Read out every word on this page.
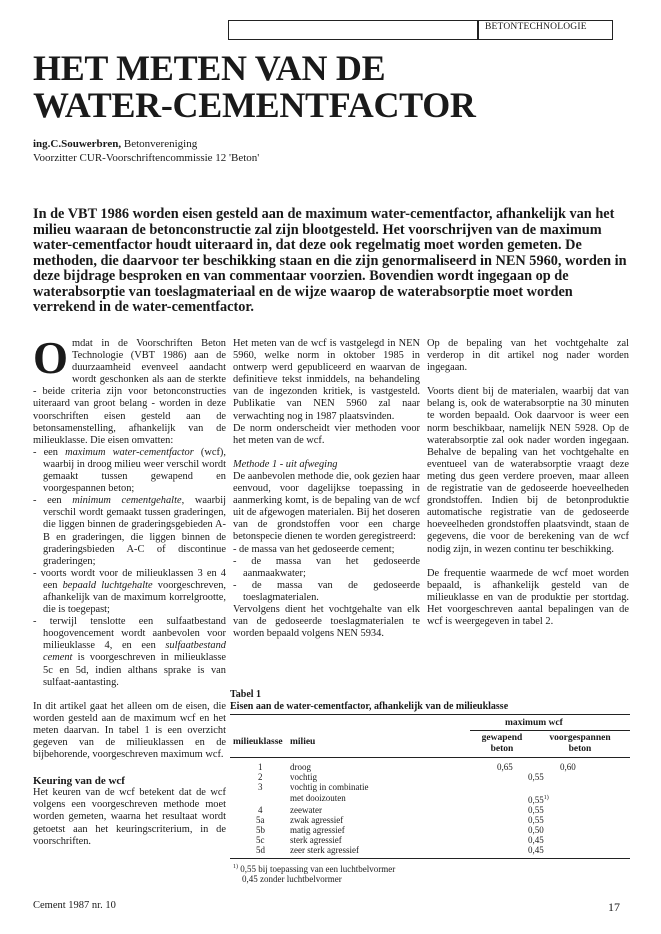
BETONTECHNOLOGIE
HET METEN VAN DE
WATER-CEMENTFACTOR
ing.C.Souwerbren, Betonvereniging
Voorzitter CUR-Voorschriftencommissie 12 'Beton'
In de VBT 1986 worden eisen gesteld aan de maximum water-cementfactor, afhankelijk van het milieu waaraan de betonconstructie zal zijn blootgesteld. Het voorschrijven van de maximum water-cementfactor houdt uiteraard in, dat deze ook regelmatig moet worden gemeten. De methoden, die daarvoor ter beschikking staan en die zijn genormaliseerd in NEN 5960, worden in deze bijdrage besproken en van commentaar voorzien. Bovendien wordt ingegaan op de waterabsorptie van toeslagmateriaal en de wijze waarop de waterabsorptie moet worden verrekend in de water-cementfactor.

Omdat in de Voorschriften Beton Technologie (VBT 1986) aan de duurzaamheid evenveel aandacht wordt geschonken als aan de sterkte - beide criteria zijn voor betonconstructies uiteraard van groot belang - worden in deze voorschriften eisen gesteld aan de betonsamenstelling, afhankelijk van de milieuklasse. Die eisen omvatten:

- een maximum water-cementfactor (wcf), waarbij in droog milieu weer verschil wordt gemaakt tussen gewapend en voorgespannen beton;
- een minimum cementgehalte, waarbij verschil wordt gemaakt tussen graderingen, die liggen binnen de graderingsgebieden A-B en graderingen, die liggen binnen de graderingsbieden A-C of discontinue graderingen;
- voorts wordt voor de milieuklassen 3 en 4 een bepaald luchtgehalte voorgeschreven, afhankelijk van de maximum korrelgrootte, die is toegepast;
- terwijl tenslotte een sulfaatbestand hoogovencement wordt aanbevolen voor milieuklasse 4, en een sulfaatbestand cement is voorgeschreven in milieuklasse 5c en 5d, indien althans sprake is van sulfaat-aantasting.

In dit artikel gaat het alleen om de eisen, die worden gesteld aan de maximum wcf en het meten daarvan. In tabel 1 is een overzicht gegeven van de milieuklassen en de bijbehorende, voorgeschreven maximum wcf.

Keuring van de wcf

Het keuren van de wcf betekent dat de wcf volgens een voorgeschreven methode moet worden gemeten, waarna het resultaat wordt getoetst aan het keuringscriterium, in de voorschriften.

Het meten van de wcf is vastgelegd in NEN 5960, welke norm in oktober 1985 in ontwerp werd gepubliceerd en waarvan de definitieve tekst inmiddels, na behandeling van de ingezonden kritiek, is vastgesteld. Publikatie van NEN 5960 zal naar verwachting nog in 1987 plaatsvinden.

De norm onderscheidt vier methoden voor het meten van de wcf.

Methode 1 - uit afweging

De aanbevolen methode die, ook gezien haar eenvoud, voor dagelijkse toepassing in aanmerking komt, is de bepaling van de wcf uit de afgewogen materialen. Bij het doseren van de grondstoffen voor een charge betonspecie dienen te worden geregistreerd:

- de massa van het gedoseerde cement;
- de massa van het gedoseerde aanmaakwater;
- de massa van de gedoseerde toeslagmaterialen.

Vervolgens dient het vochtgehalte van elk van de gedoseerde toeslagmaterialen te worden bepaald volgens NEN 5934.

Op de bepaling van het vochtgehalte zal verderop in dit artikel nog nader worden ingegaan.

Voorts dient bij de materialen, waarbij dat van belang is, ook de waterabsorptie na 30 minuten te worden bepaald. Ook daarvoor is weer een norm beschikbaar, namelijk NEN 5928. Op de waterabsorptie zal ook nader worden ingegaan. Behalve de bepaling van het vochtgehalte en eventueel van de waterabsorptie vraagt deze meting dus geen verdere proeven, maar alleen de registratie van de gedoseerde hoeveelheden grondstoffen. Indien bij de betonproduktie automatische registratie van de gedoseerde hoeveelheden grondstoffen plaatsvindt, staan de gegevens, die voor de berekening van de wcf nodig zijn, in wezen continu ter beschikking.

De frequentie waarmede de wcf moet worden bepaald, is afhankelijk gesteld van de milieuklasse en van de produktie per stortdag. Het voorgeschreven aantal bepalingen van de wcf is weergegeven in tabel 2.

Tabel 1
Eisen aan de water-cementfactor, afhankelijk van de milieuklasse
maximum wcf
milieuklasse milieu	gewapend
beton
voorgespannen
beton
1	droog	0,65	0,60
2	vochtig	0,55
3	vochtig in combinatie
met dooizouten	0,55$^{1)}$
4	zeewater	0,55
5a	zwak agressief	0,55
5b	matig agressief	0,50
5c	sterk agressief	0,45
5d	zeer sterk agressief	0,45
$^{1)}$ 0,55 bij toepassing van een luchtbelvormer
0,45 zonder luchtbelvormer
Cement 1987 nr. 10	17
